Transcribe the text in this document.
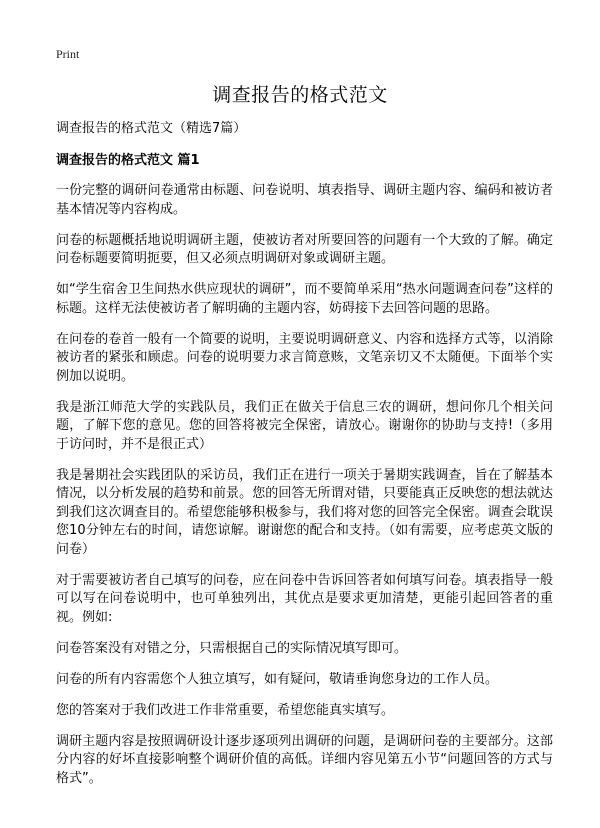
Print
调查报告的格式范文

调查报告的格式范文（精选7篇）

调查报告的格式范文 篇1

一份完整的调研问卷通常由标题、问卷说明、填表指导、调研主题内容、编码和被访者基本情况等内容构成。

问卷的标题概括地说明调研主题，使被访者对所要回答的问题有一个大致的了解。确定问卷标题要简明扼要，但又必须点明调研对象或调研主题。

如“学生宿舍卫生间热水供应现状的调研”，而不要简单采用“热水问题调查问卷”这样的标题。这样无法使被访者了解明确的主题内容，妨碍接下去回答问题的思路。

在问卷的卷首一般有一个简要的说明，主要说明调研意义、内容和选择方式等，以消除被访者的紧张和顾虑。问卷的说明要力求言简意赅，文笔亲切又不太随便。下面举个实例加以说明。

我是浙江师范大学的实践队员，我们正在做关于信息三农的调研，想问你几个相关问题，了解下您的意见。您的回答将被完全保密，请放心。谢谢你的协助与支持!（多用于访问时，并不是很正式）

我是暑期社会实践团队的采访员，我们正在进行一项关于暑期实践调查，旨在了解基本情况，以分析发展的趋势和前景。您的回答无所谓对错，只要能真正反映您的想法就达到我们这次调查目的。希望您能够积极参与，我们将对您的回答完全保密。调查会耽误您10分钟左右的时间，请您谅解。谢谢您的配合和支持。（如有需要，应考虑英文版的问卷）

对于需要被访者自己填写的问卷，应在问卷中告诉回答者如何填写问卷。填表指导一般可以写在问卷说明中，也可单独列出，其优点是要求更加清楚，更能引起回答者的重视。例如:

问卷答案没有对错之分，只需根据自己的实际情况填写即可。

问卷的所有内容需您个人独立填写，如有疑问，敬请垂询您身边的工作人员。

您的答案对于我们改进工作非常重要，希望您能真实填写。

调研主题内容是按照调研设计逐步逐项列出调研的问题，是调研问卷的主要部分。这部分内容的好坏直接影响整个调研价值的高低。详细内容见第五小节“问题回答的方式与格式”。
